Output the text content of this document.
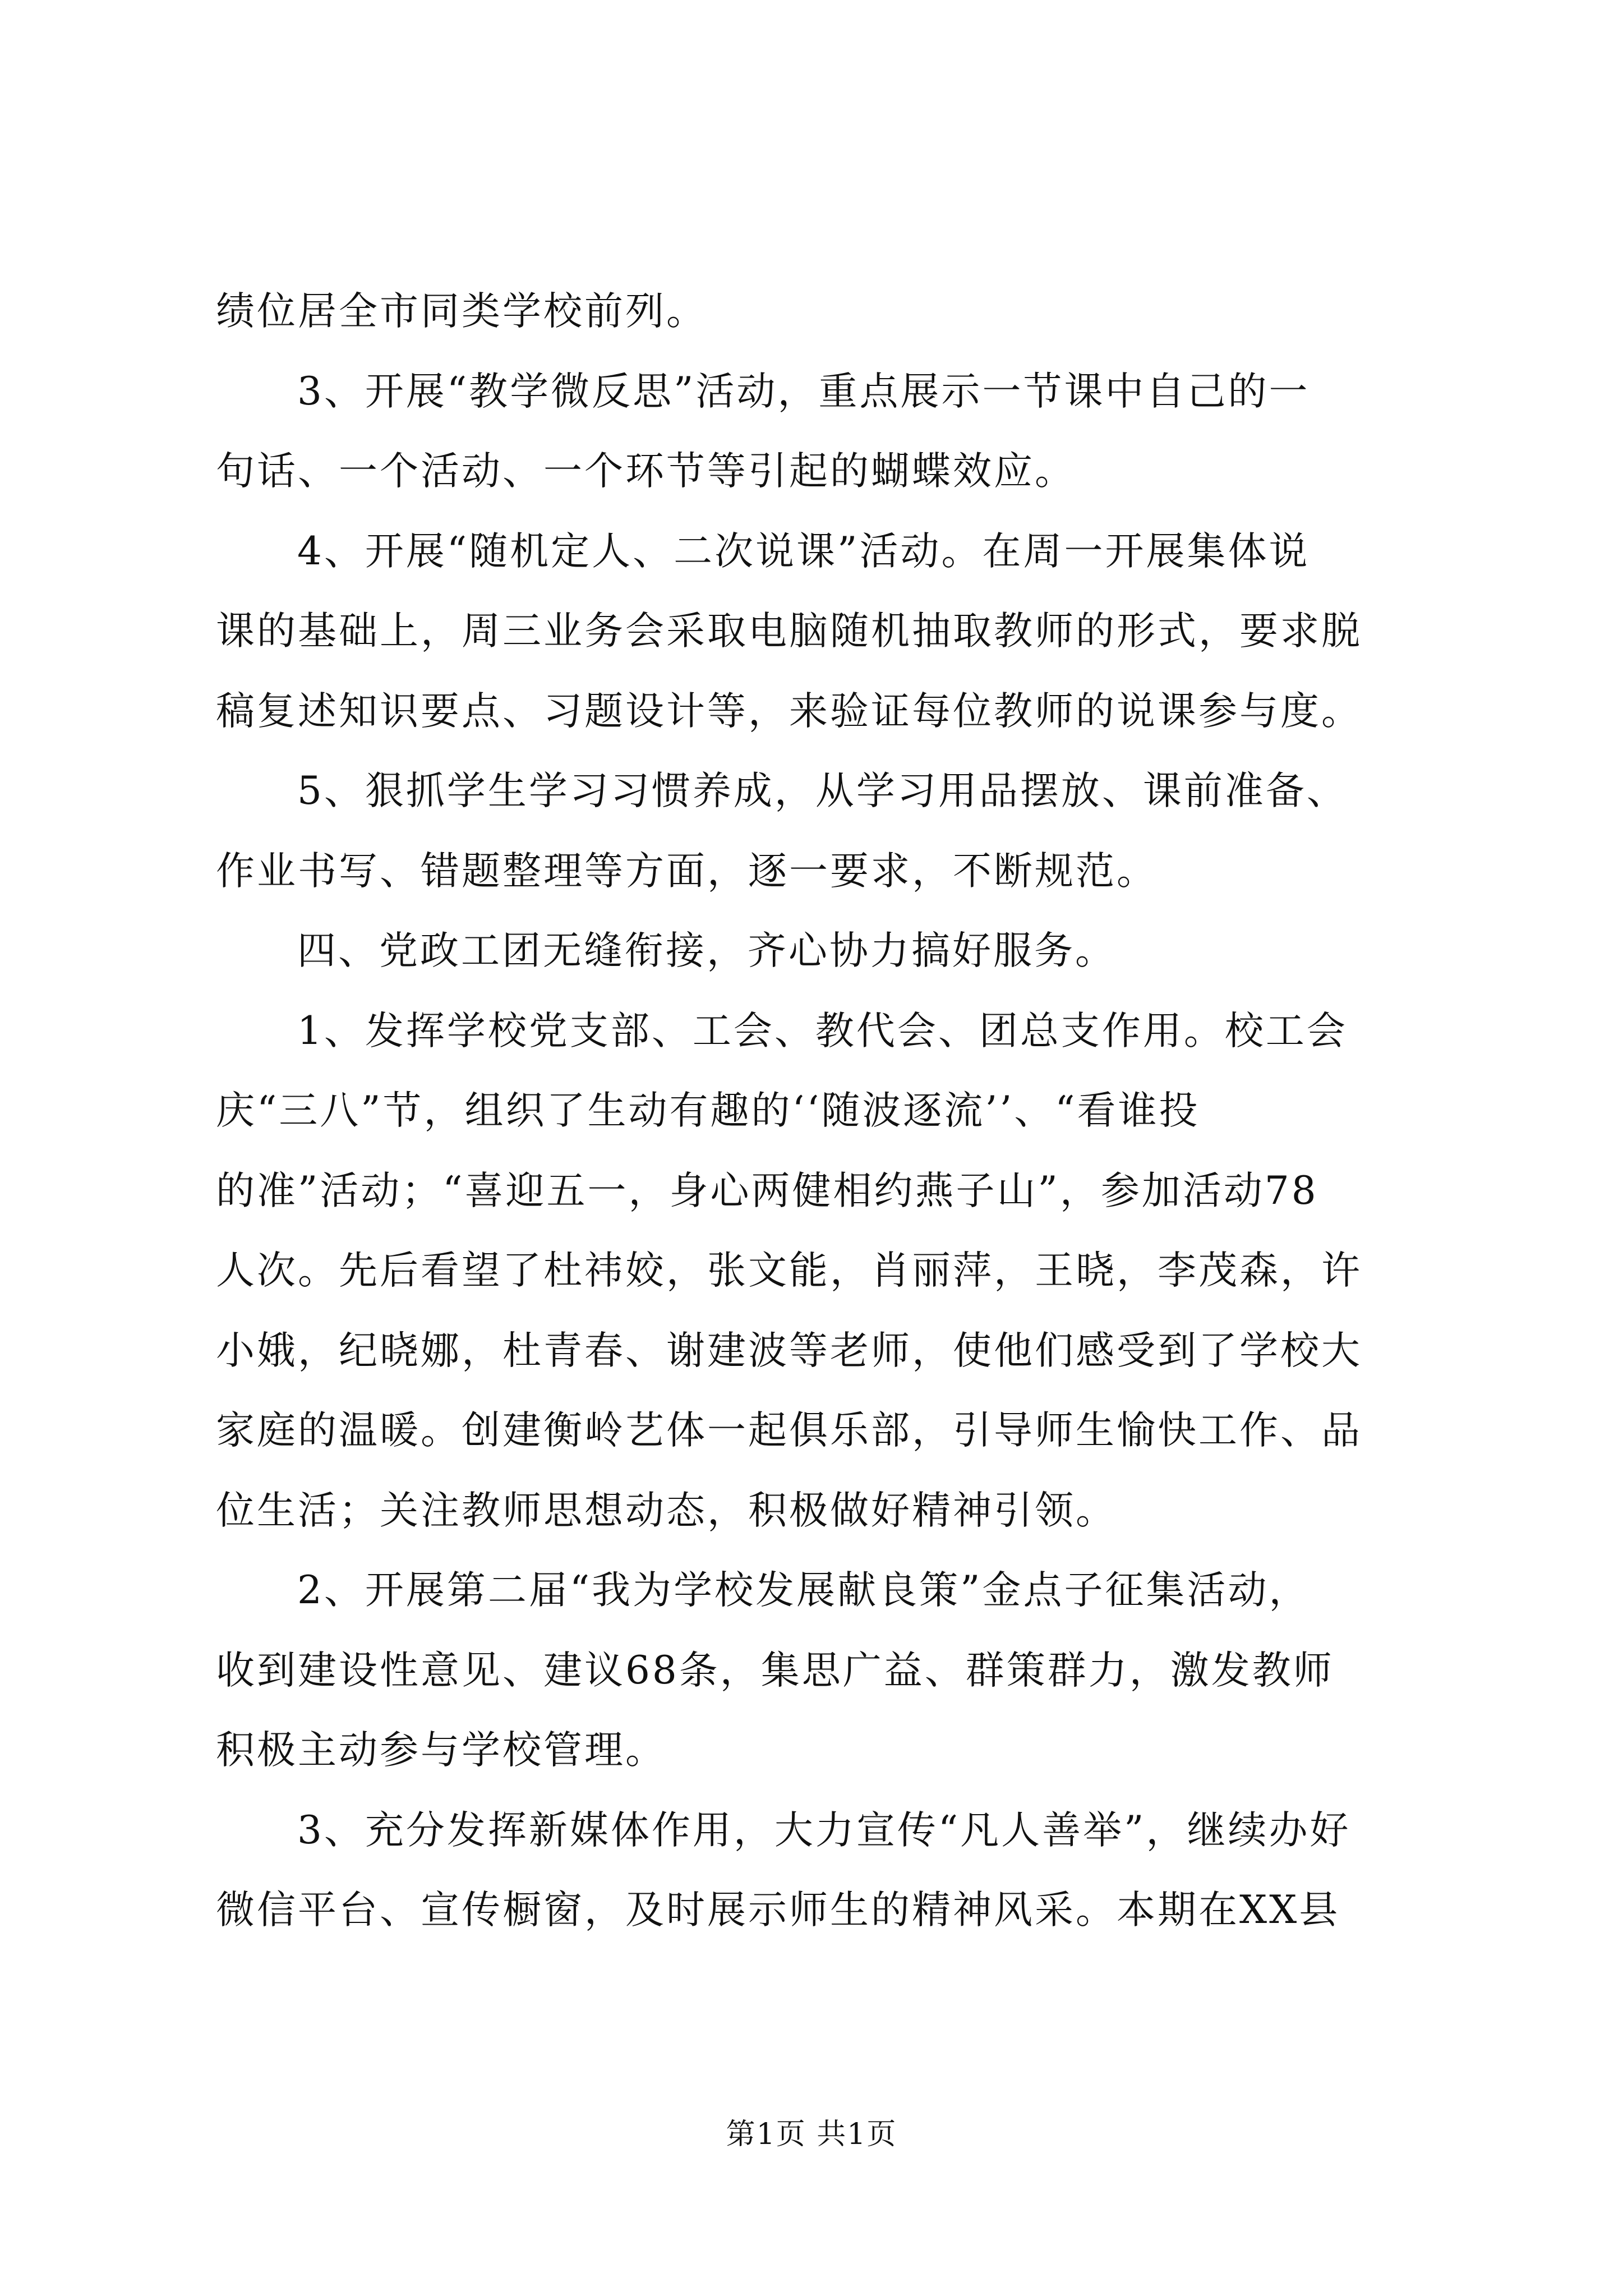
绩位居全市同类学校前列。
3、开展“教学微反思”活动，重点展示一节课中自己的一
句话、一个活动、一个环节等引起的蝴蝶效应。
4、开展“随机定人、二次说课”活动。在周一开展集体说
课的基础上，周三业务会采取电脑随机抽取教师的形式，要求脱
稿复述知识要点、习题设计等，来验证每位教师的说课参与度。
5、狠抓学生学习习惯养成，从学习用品摆放、课前准备、
作业书写、错题整理等方面，逐一要求，不断规范。
四、党政工团无缝衔接，齐心协力搞好服务。
1、发挥学校党支部、工会、教代会、团总支作用。校工会
庆“三八”节，组织了生动有趣的‘‘随波逐流’’、“看谁投
的准”活动；“喜迎五一，身心两健相约燕子山”，参加活动78
人次。先后看望了杜祎姣，张文能，肖丽萍，王晓，李茂森，许
小娥，纪晓娜，杜青春、谢建波等老师，使他们感受到了学校大
家庭的温暖。创建衡岭艺体一起俱乐部，引导师生愉快工作、品
位生活；关注教师思想动态，积极做好精神引领。
2、开展第二届“我为学校发展献良策”金点子征集活动，
收到建设性意见、建议68条，集思广益、群策群力，激发教师
积极主动参与学校管理。
3、充分发挥新媒体作用，大力宣传“凡人善举”，继续办好
微信平台、宣传橱窗，及时展示师生的精神风采。本期在XX县
第1页 共1页
